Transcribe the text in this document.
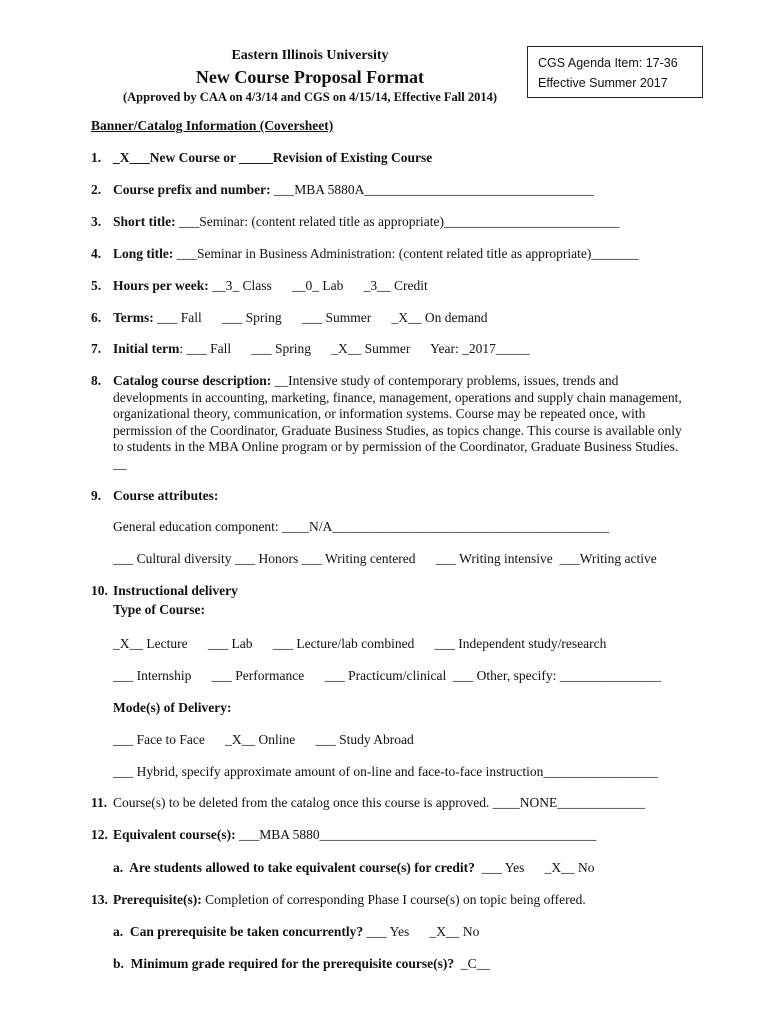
Eastern Illinois University
New Course Proposal Format
(Approved by CAA on 4/3/14 and CGS on 4/15/14, Effective Fall 2014)
CGS Agenda Item: 17-36
Effective Summer 2017
Banner/Catalog Information (Coversheet)
1. _X___New Course or _____Revision of Existing Course
2. Course prefix and number: ___MBA 5880A__________________________________
3. Short title: ___Seminar: (content related title as appropriate)__________________________
4. Long title: ___Seminar in Business Administration: (content related title as appropriate)_______
5. Hours per week: __3_ Class      __0_ Lab      _3__ Credit
6. Terms: ___ Fall      ___ Spring      ___ Summer      _X__ On demand
7. Initial term: ___ Fall      ___ Spring      _X__ Summer      Year: _2017_____
8. Catalog course description: __Intensive study of contemporary problems, issues, trends and developments in accounting, marketing, finance, management, operations and supply chain management, organizational theory, communication, or information systems. Course may be repeated once, with permission of the Coordinator, Graduate Business Studies, as topics change. This course is available only to students in the MBA Online program or by permission of the Coordinator, Graduate Business Studies. __
9. Course attributes:
General education component: ____N/A_________________________________________
___ Cultural diversity ___ Honors ___ Writing centered      ___ Writing intensive  ___Writing active
10. Instructional delivery
Type of Course:
_X__ Lecture      ___ Lab      ___ Lecture/lab combined      ___ Independent study/research
___ Internship      ___ Performance      ___ Practicum/clinical  ___ Other, specify: _______________
Mode(s) of Delivery:
___ Face to Face      _X__ Online      ___ Study Abroad
___ Hybrid, specify approximate amount of on-line and face-to-face instruction_________________
11. Course(s) to be deleted from the catalog once this course is approved. ____NONE_____________
12. Equivalent course(s): ___MBA 5880_________________________________________
a.  Are students allowed to take equivalent course(s) for credit?  ___ Yes      _X__ No
13. Prerequisite(s): Completion of corresponding Phase I course(s) on topic being offered.
a.  Can prerequisite be taken concurrently? ___ Yes      _X__ No
b.  Minimum grade required for the prerequisite course(s)?  _C__
